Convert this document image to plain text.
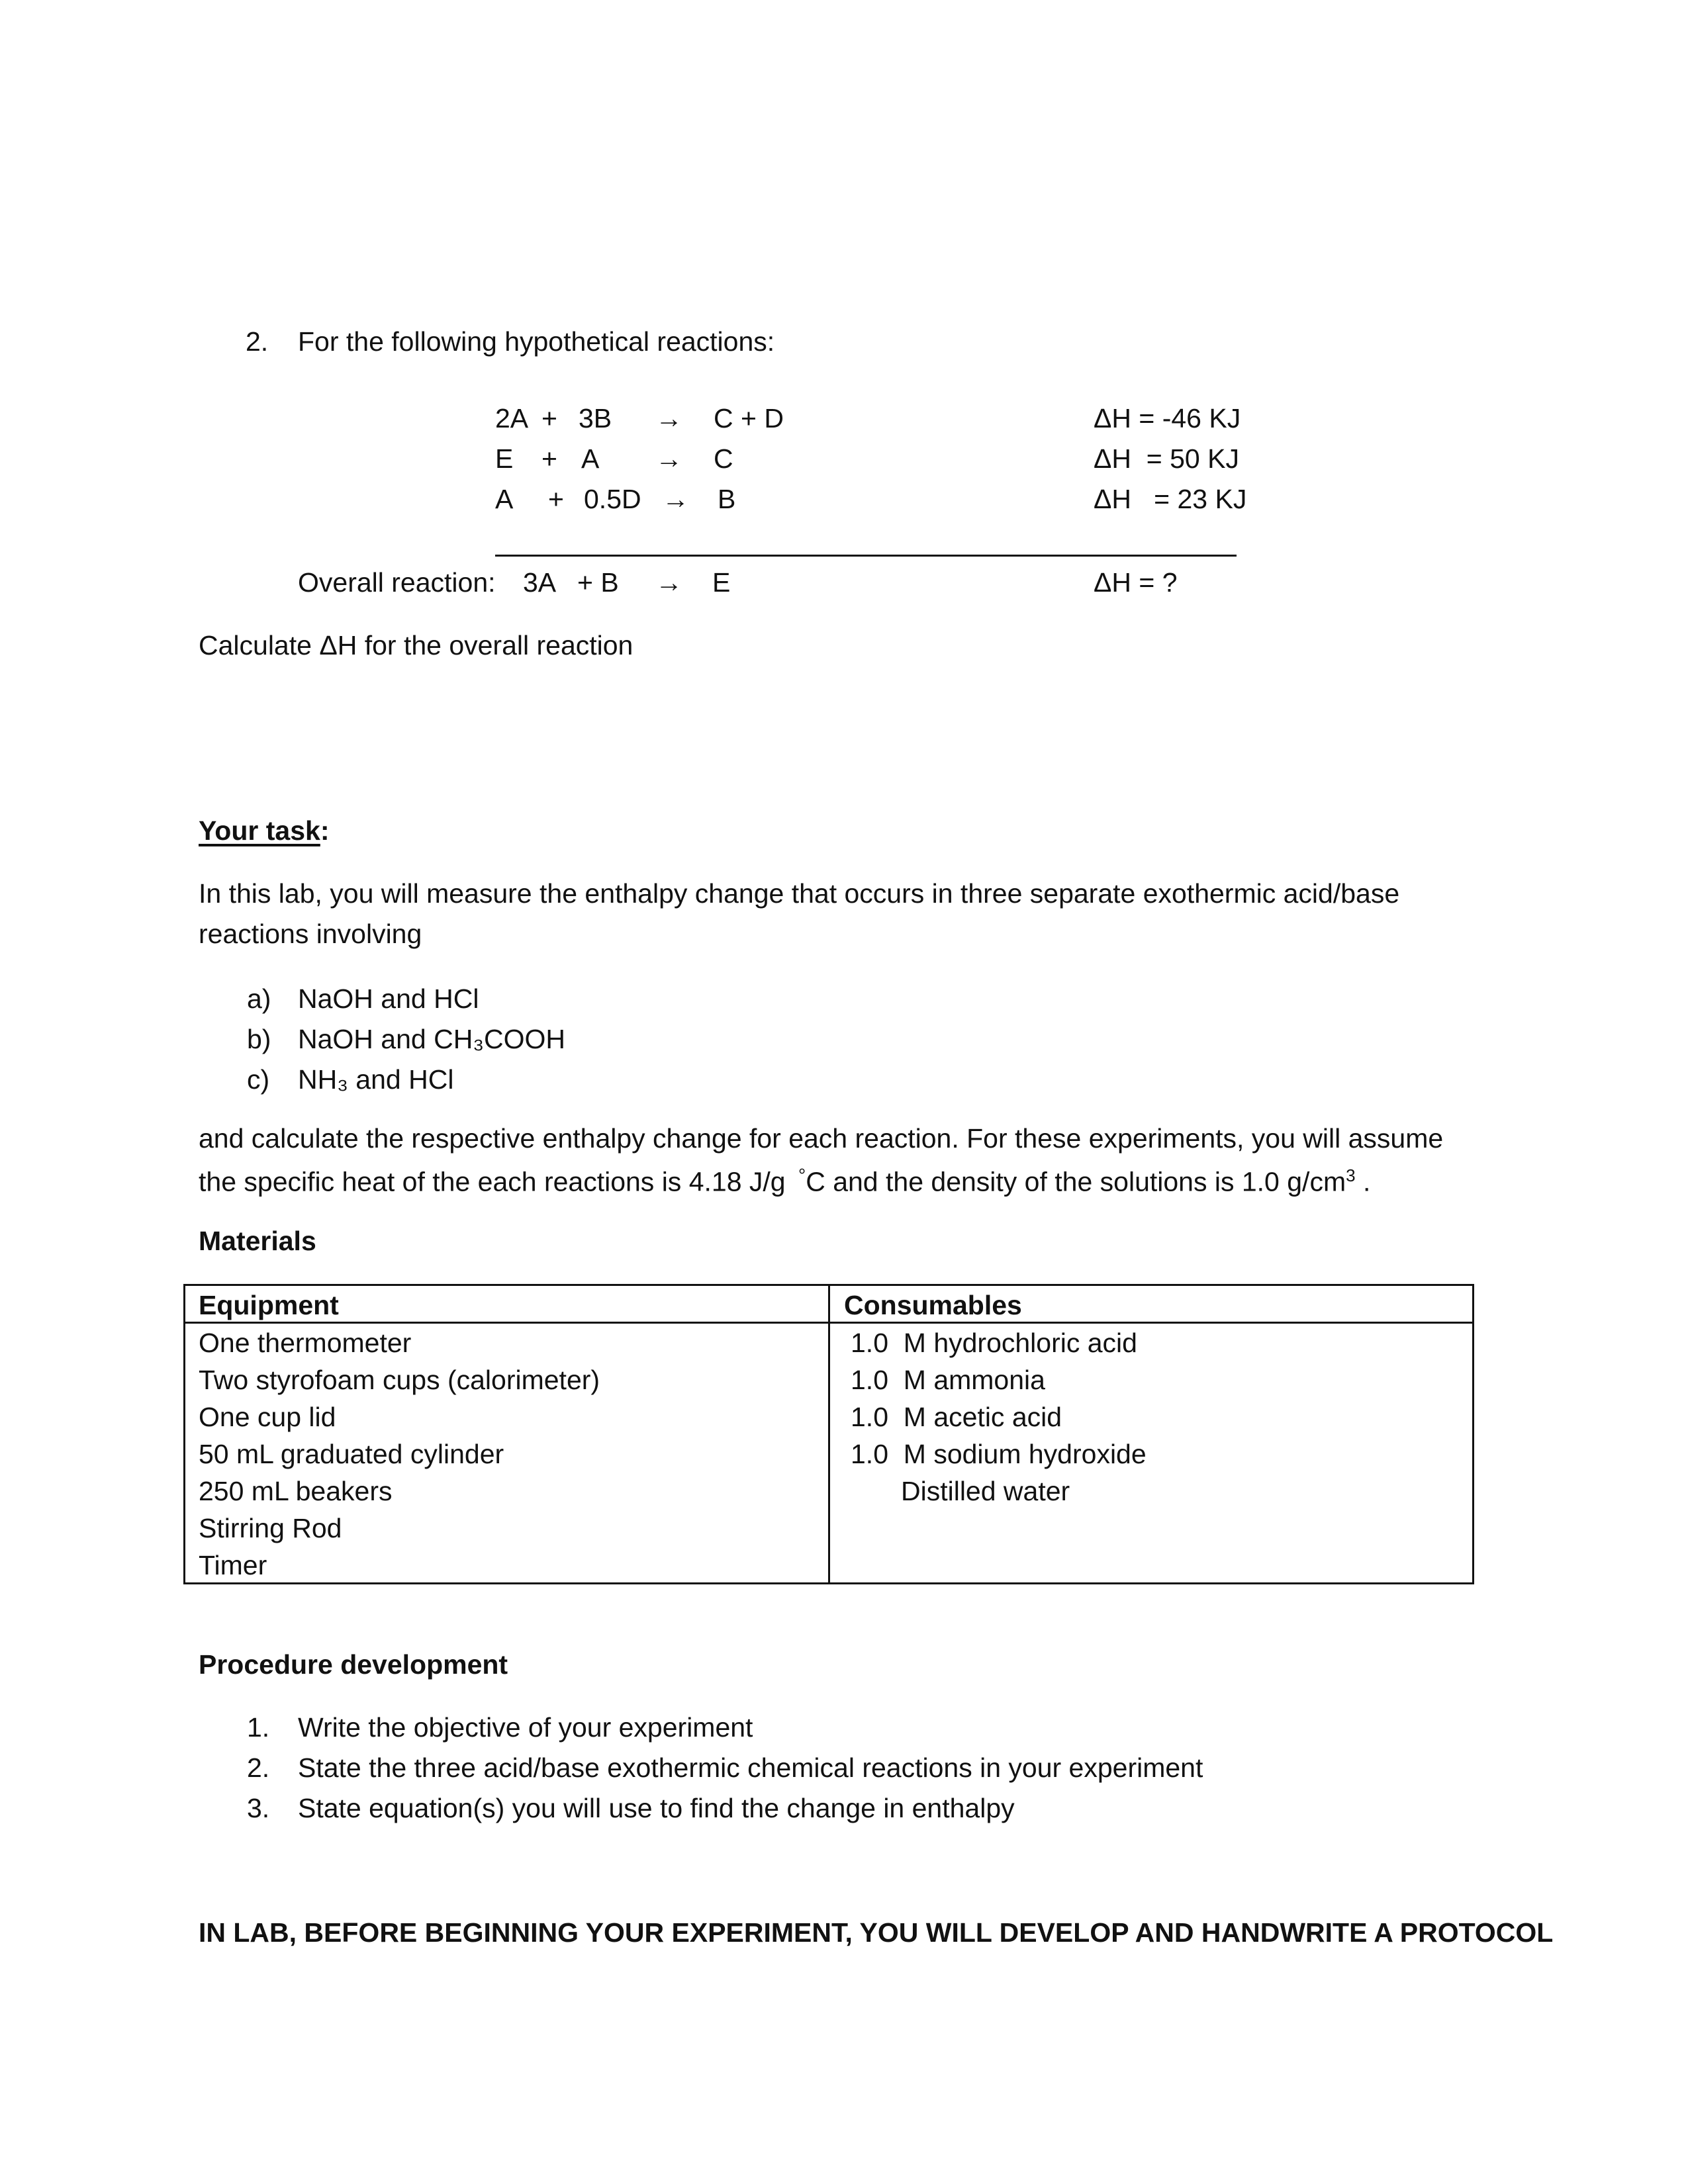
2. For the following hypothetical reactions:
2A
E
A
+
+
+
3B
A
0.5D
→
→
→
C + D
C
B
ΔH = -46 KJ
ΔH  = 50 KJ
ΔH   = 23 KJ
Overall reaction: 3A   + B → E	ΔH = ?
Calculate ΔH for the overall reaction
Your task:
In this lab, you will measure the enthalpy change that occurs in three separate exothermic acid/base
reactions involving
a)
b)
c)
NaOH and HCl
NaOH and CH₃COOH
NH₃ and HCl
and calculate the respective enthalpy change for each reaction. For these experiments, you will assume
the specific heat of the each reactions is 4.18 J/g °C and the density of the solutions is 1.0 $g/cm^3$ .
Materials
Equipment	Consumables
One thermometer
Two styrofoam cups (calorimeter)
One cup lid
50 mL graduated cylinder
250 mL beakers
Stirring Rod
Timer
1.0  M hydrochloric acid
1.0  M ammonia
1.0  M acetic acid
1.0  M sodium hydroxide
Distilled water
Procedure development
1.
2.
3.
Write the objective of your experiment
State the three acid/base exothermic chemical reactions in your experiment
State equation(s) you will use to find the change in enthalpy
IN LAB, BEFORE BEGINNING YOUR EXPERIMENT, YOU WILL DEVELOP AND HANDWRITE A PROTOCOL
